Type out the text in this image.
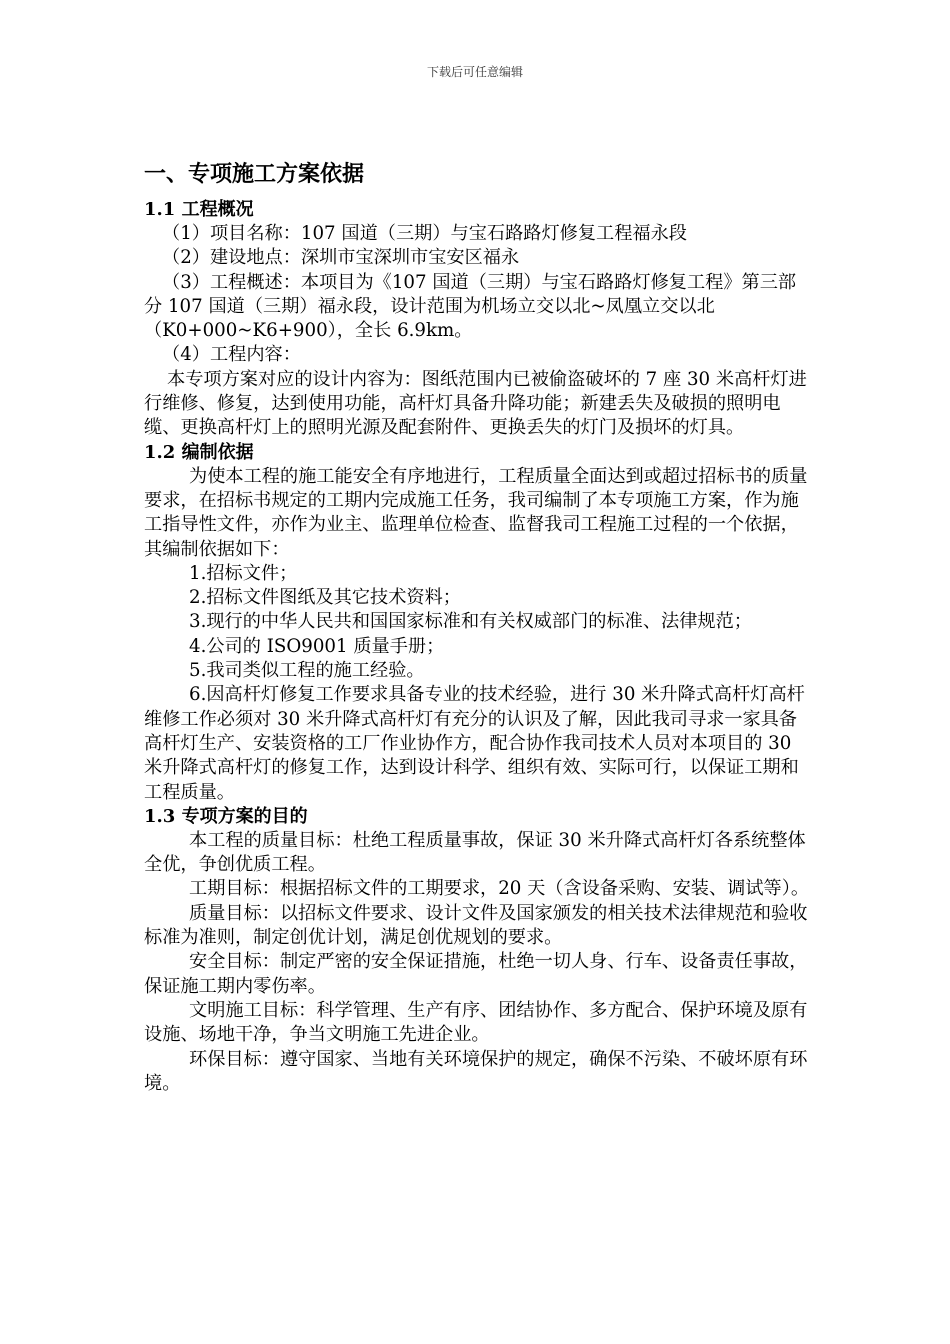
下载后可任意编辑
一、专项施工方案依据
1.1 工程概况

（1）项目名称：107 国道（三期）与宝石路路灯修复工程福永段

（2）建设地点：深圳市宝深圳市宝安区福永

（3）工程概述：本项目为《107 国道（三期）与宝石路路灯修复工程》第三部分 107 国道（三期）福永段，设计范围为机场立交以北~凤凰立交以北（K0+000~K6+900），全长 6.9km。

（4）工程内容：

本专项方案对应的设计内容为：图纸范围内已被偷盗破坏的 7 座 30 米高杆灯进行维修、修复，达到使用功能，高杆灯具备升降功能；新建丢失及破损的照明电缆、更换高杆灯上的照明光源及配套附件、更换丢失的灯门及损坏的灯具。

1.2 编制依据

为使本工程的施工能安全有序地进行，工程质量全面达到或超过招标书的质量要求，在招标书规定的工期内完成施工任务，我司编制了本专项施工方案，作为施工指导性文件，亦作为业主、监理单位检查、监督我司工程施工过程的一个依据，其编制依据如下：

1.招标文件；

2.招标文件图纸及其它技术资料；

3.现行的中华人民共和国国家标准和有关权威部门的标准、法律规范；

4.公司的 ISO9001 质量手册；

5.我司类似工程的施工经验。

6.因高杆灯修复工作要求具备专业的技术经验，进行 30 米升降式高杆灯高杆维修工作必须对 30 米升降式高杆灯有充分的认识及了解，因此我司寻求一家具备高杆灯生产、安装资格的工厂作业协作方，配合协作我司技术人员对本项目的 30 米升降式高杆灯的修复工作，达到设计科学、组织有效、实际可行，以保证工期和工程质量。

1.3 专项方案的目的

本工程的质量目标：杜绝工程质量事故，保证 30 米升降式高杆灯各系统整体全优，争创优质工程。

工期目标：根据招标文件的工期要求，20 天（含设备采购、安装、调试等）。

质量目标：以招标文件要求、设计文件及国家颁发的相关技术法律规范和验收标准为准则，制定创优计划，满足创优规划的要求。

安全目标：制定严密的安全保证措施，杜绝一切人身、行车、设备责任事故，保证施工期内零伤率。

文明施工目标：科学管理、生产有序、团结协作、多方配合、保护环境及原有设施、场地干净，争当文明施工先进企业。

环保目标：遵守国家、当地有关环境保护的规定，确保不污染、不破坏原有环境。
